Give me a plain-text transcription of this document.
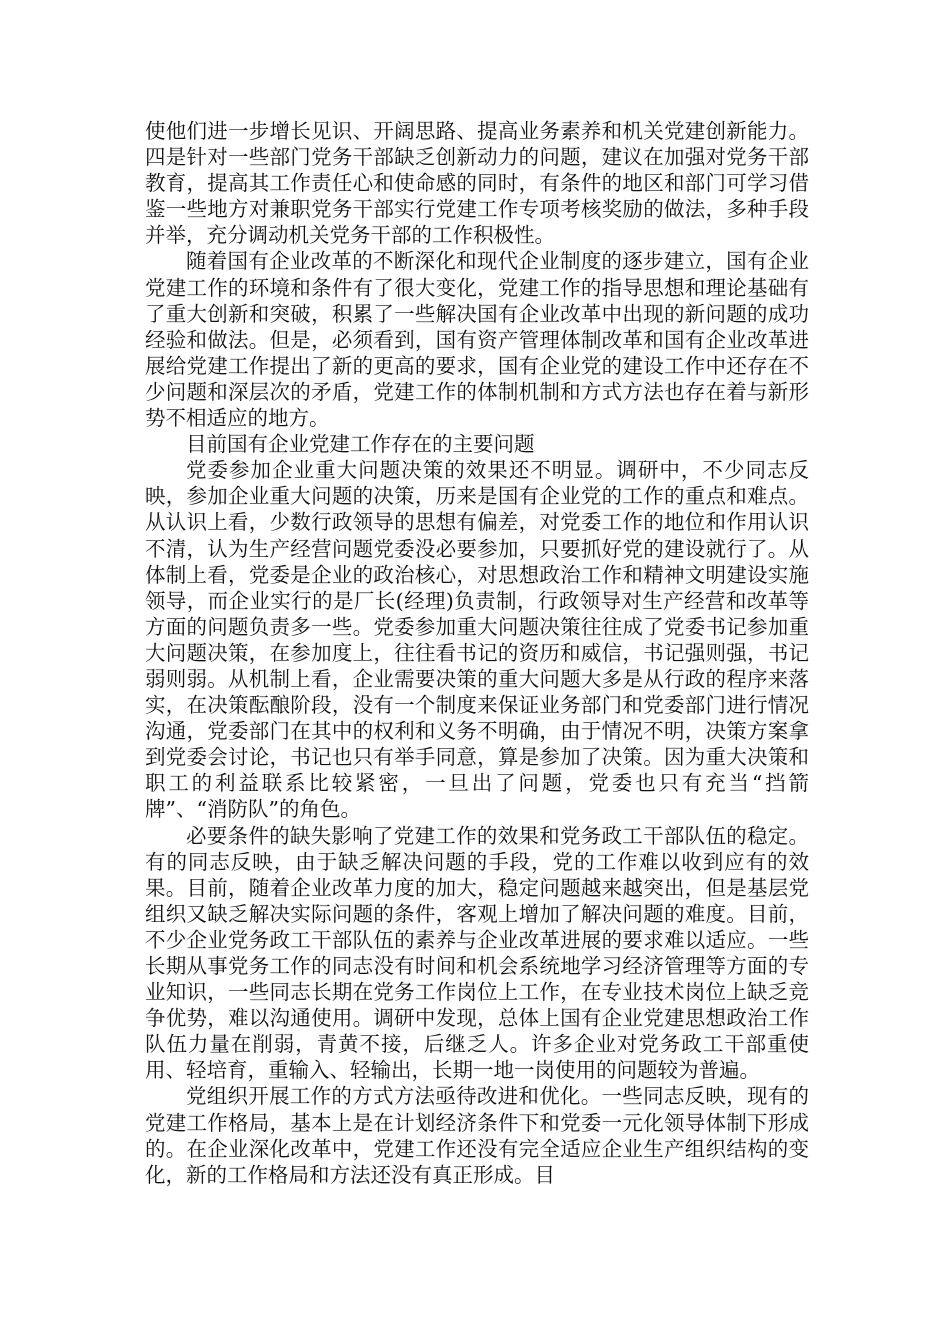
使他们进一步增长见识、开阔思路、提高业务素养和机关党建创新能力。四是针对一些部门党务干部缺乏创新动力的问题，建议在加强对党务干部教育，提高其工作责任心和使命感的同时，有条件的地区和部门可学习借鉴一些地方对兼职党务干部实行党建工作专项考核奖励的做法，多种手段并举，充分调动机关党务干部的工作积极性。

随着国有企业改革的不断深化和现代企业制度的逐步建立，国有企业党建工作的环境和条件有了很大变化，党建工作的指导思想和理论基础有了重大创新和突破，积累了一些解决国有企业改革中出现的新问题的成功经验和做法。但是，必须看到，国有资产管理体制改革和国有企业改革进展给党建工作提出了新的更高的要求，国有企业党的建设工作中还存在不少问题和深层次的矛盾，党建工作的体制机制和方式方法也存在着与新形势不相适应的地方。

目前国有企业党建工作存在的主要问题

党委参加企业重大问题决策的效果还不明显。调研中，不少同志反映，参加企业重大问题的决策，历来是国有企业党的工作的重点和难点。从认识上看，少数行政领导的思想有偏差，对党委工作的地位和作用认识不清，认为生产经营问题党委没必要参加，只要抓好党的建设就行了。从体制上看，党委是企业的政治核心，对思想政治工作和精神文明建设实施领导，而企业实行的是厂长(经理)负责制，行政领导对生产经营和改革等方面的问题负责多一些。党委参加重大问题决策往往成了党委书记参加重大问题决策，在参加度上，往往看书记的资历和威信，书记强则强，书记弱则弱。从机制上看，企业需要决策的重大问题大多是从行政的程序来落实，在决策酝酿阶段，没有一个制度来保证业务部门和党委部门进行情况沟通，党委部门在其中的权利和义务不明确，由于情况不明，决策方案拿到党委会讨论，书记也只有举手同意，算是参加了决策。因为重大决策和职工的利益联系比较紧密，一旦出了问题，党委也只有充当“挡箭牌”、“消防队”的角色。

必要条件的缺失影响了党建工作的效果和党务政工干部队伍的稳定。有的同志反映，由于缺乏解决问题的手段，党的工作难以收到应有的效果。目前，随着企业改革力度的加大，稳定问题越来越突出，但是基层党组织又缺乏解决实际问题的条件，客观上增加了解决问题的难度。目前，不少企业党务政工干部队伍的素养与企业改革进展的要求难以适应。一些长期从事党务工作的同志没有时间和机会系统地学习经济管理等方面的专业知识，一些同志长期在党务工作岗位上工作，在专业技术岗位上缺乏竞争优势，难以沟通使用。调研中发现，总体上国有企业党建思想政治工作队伍力量在削弱，青黄不接，后继乏人。许多企业对党务政工干部重使用、轻培育，重输入、轻输出，长期一地一岗使用的问题较为普遍。

党组织开展工作的方式方法亟待改进和优化。一些同志反映，现有的党建工作格局，基本上是在计划经济条件下和党委一元化领导体制下形成的。在企业深化改革中，党建工作还没有完全适应企业生产组织结构的变化，新的工作格局和方法还没有真正形成。目
